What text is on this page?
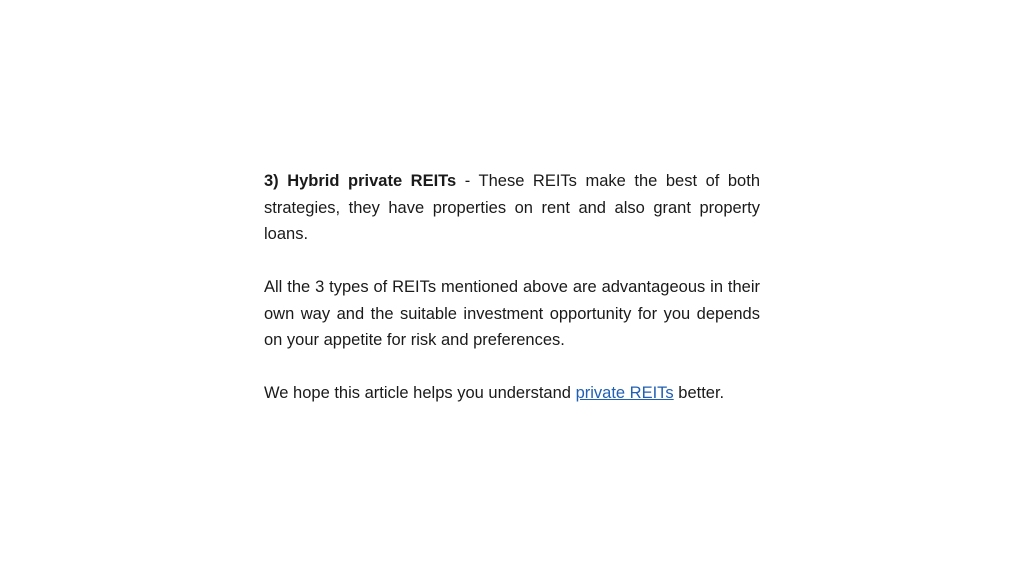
3) Hybrid private REITs - These REITs make the best of both strategies, they have properties on rent and also grant property loans.

All the 3 types of REITs mentioned above are advantageous in their own way and the suitable investment opportunity for you depends on your appetite for risk and preferences.

We hope this article helps you understand private REITs better.
